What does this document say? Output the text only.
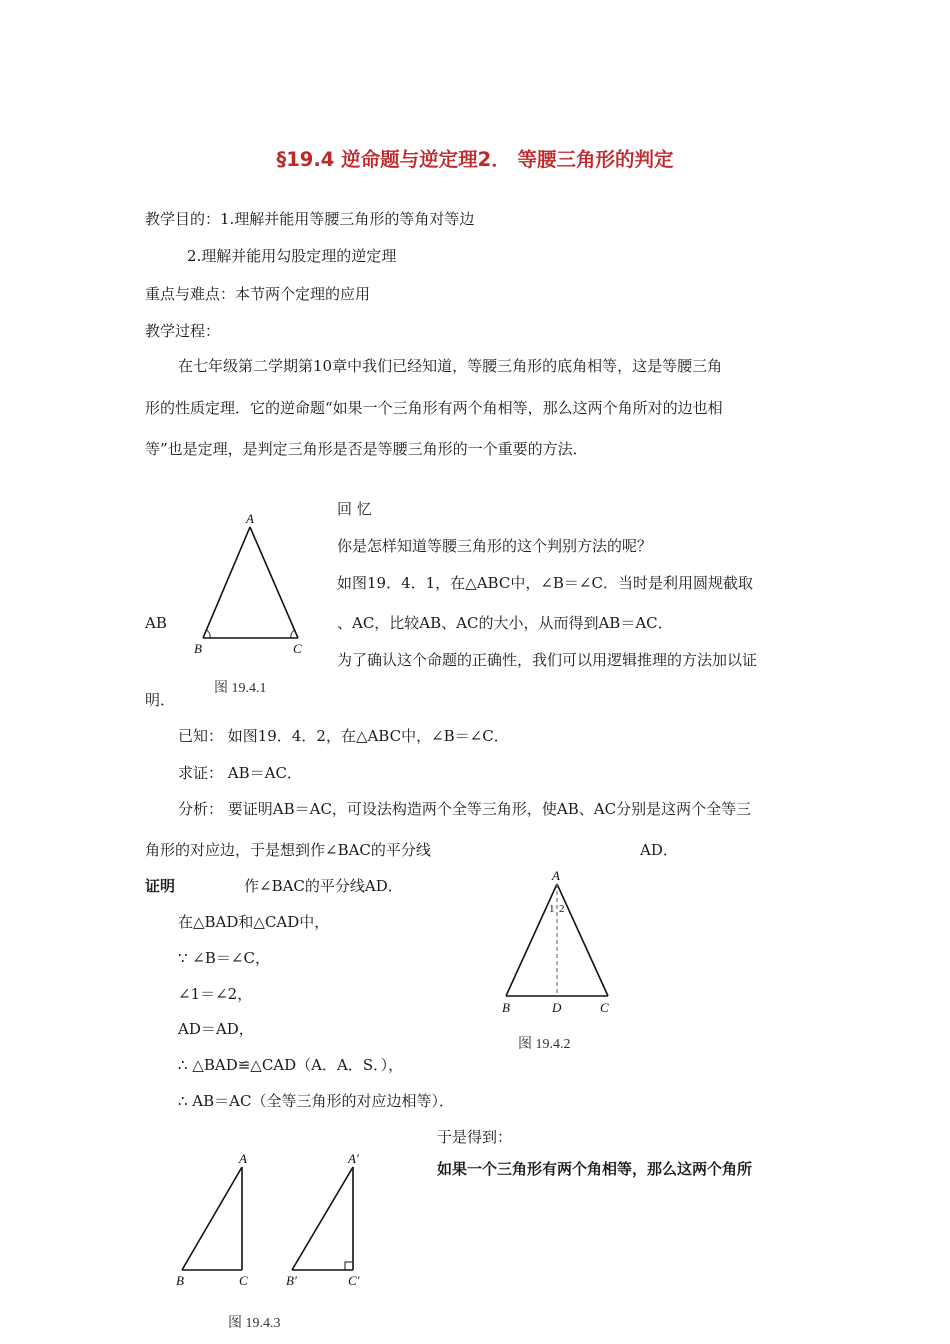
§19.4 逆命题与逆定理2． 等腰三角形的判定
教学目的：1.理解并能用等腰三角形的等角对等边
2.理解并能用勾股定理的逆定理
重点与难点：本节两个定理的应用
教学过程：
在七年级第二学期第10章中我们已经知道，等腰三角形的底角相等，这是等腰三角
形的性质定理．它的逆命题“如果一个三角形有两个角相等，那么这两个角所对的边也相
等”也是定理，是判定三角形是否是等腰三角形的一个重要的方法．
A
B	C
图 19.4.1
回 忆
你是怎样知道等腰三角形的这个判别方法的呢？
如图19．4．1，在△ABC中，∠B＝∠C．当时是利用圆规截取
AB	、AC，比较AB、AC的大小，从而得到AB＝AC．
为了确认这个命题的正确性，我们可以用逻辑推理的方法加以证
明．
已知： 如图19．4．2，在△ABC中，∠B＝∠C．
求证： AB＝AC．
分析： 要证明AB＝AC，可设法构造两个全等三角形，使AB、AC分别是这两个全等三
角形的对应边，于是想到作∠BAC的平分线	AD．
证明	作∠BAC的平分线AD．
在△BAD和△CAD中，
∵ ∠B＝∠C，
∠1＝∠2，
AD＝AD，
∴ △BAD≌△CAD（A．A．S．），
∴ AB＝AC（全等三角形的对应边相等）．
A
1 2
B	D	C
图 19.4.2
于是得到：
如果一个三角形有两个角相等，那么这两个角所
A
B	C
A′
B′	C′
图 19.4.3
